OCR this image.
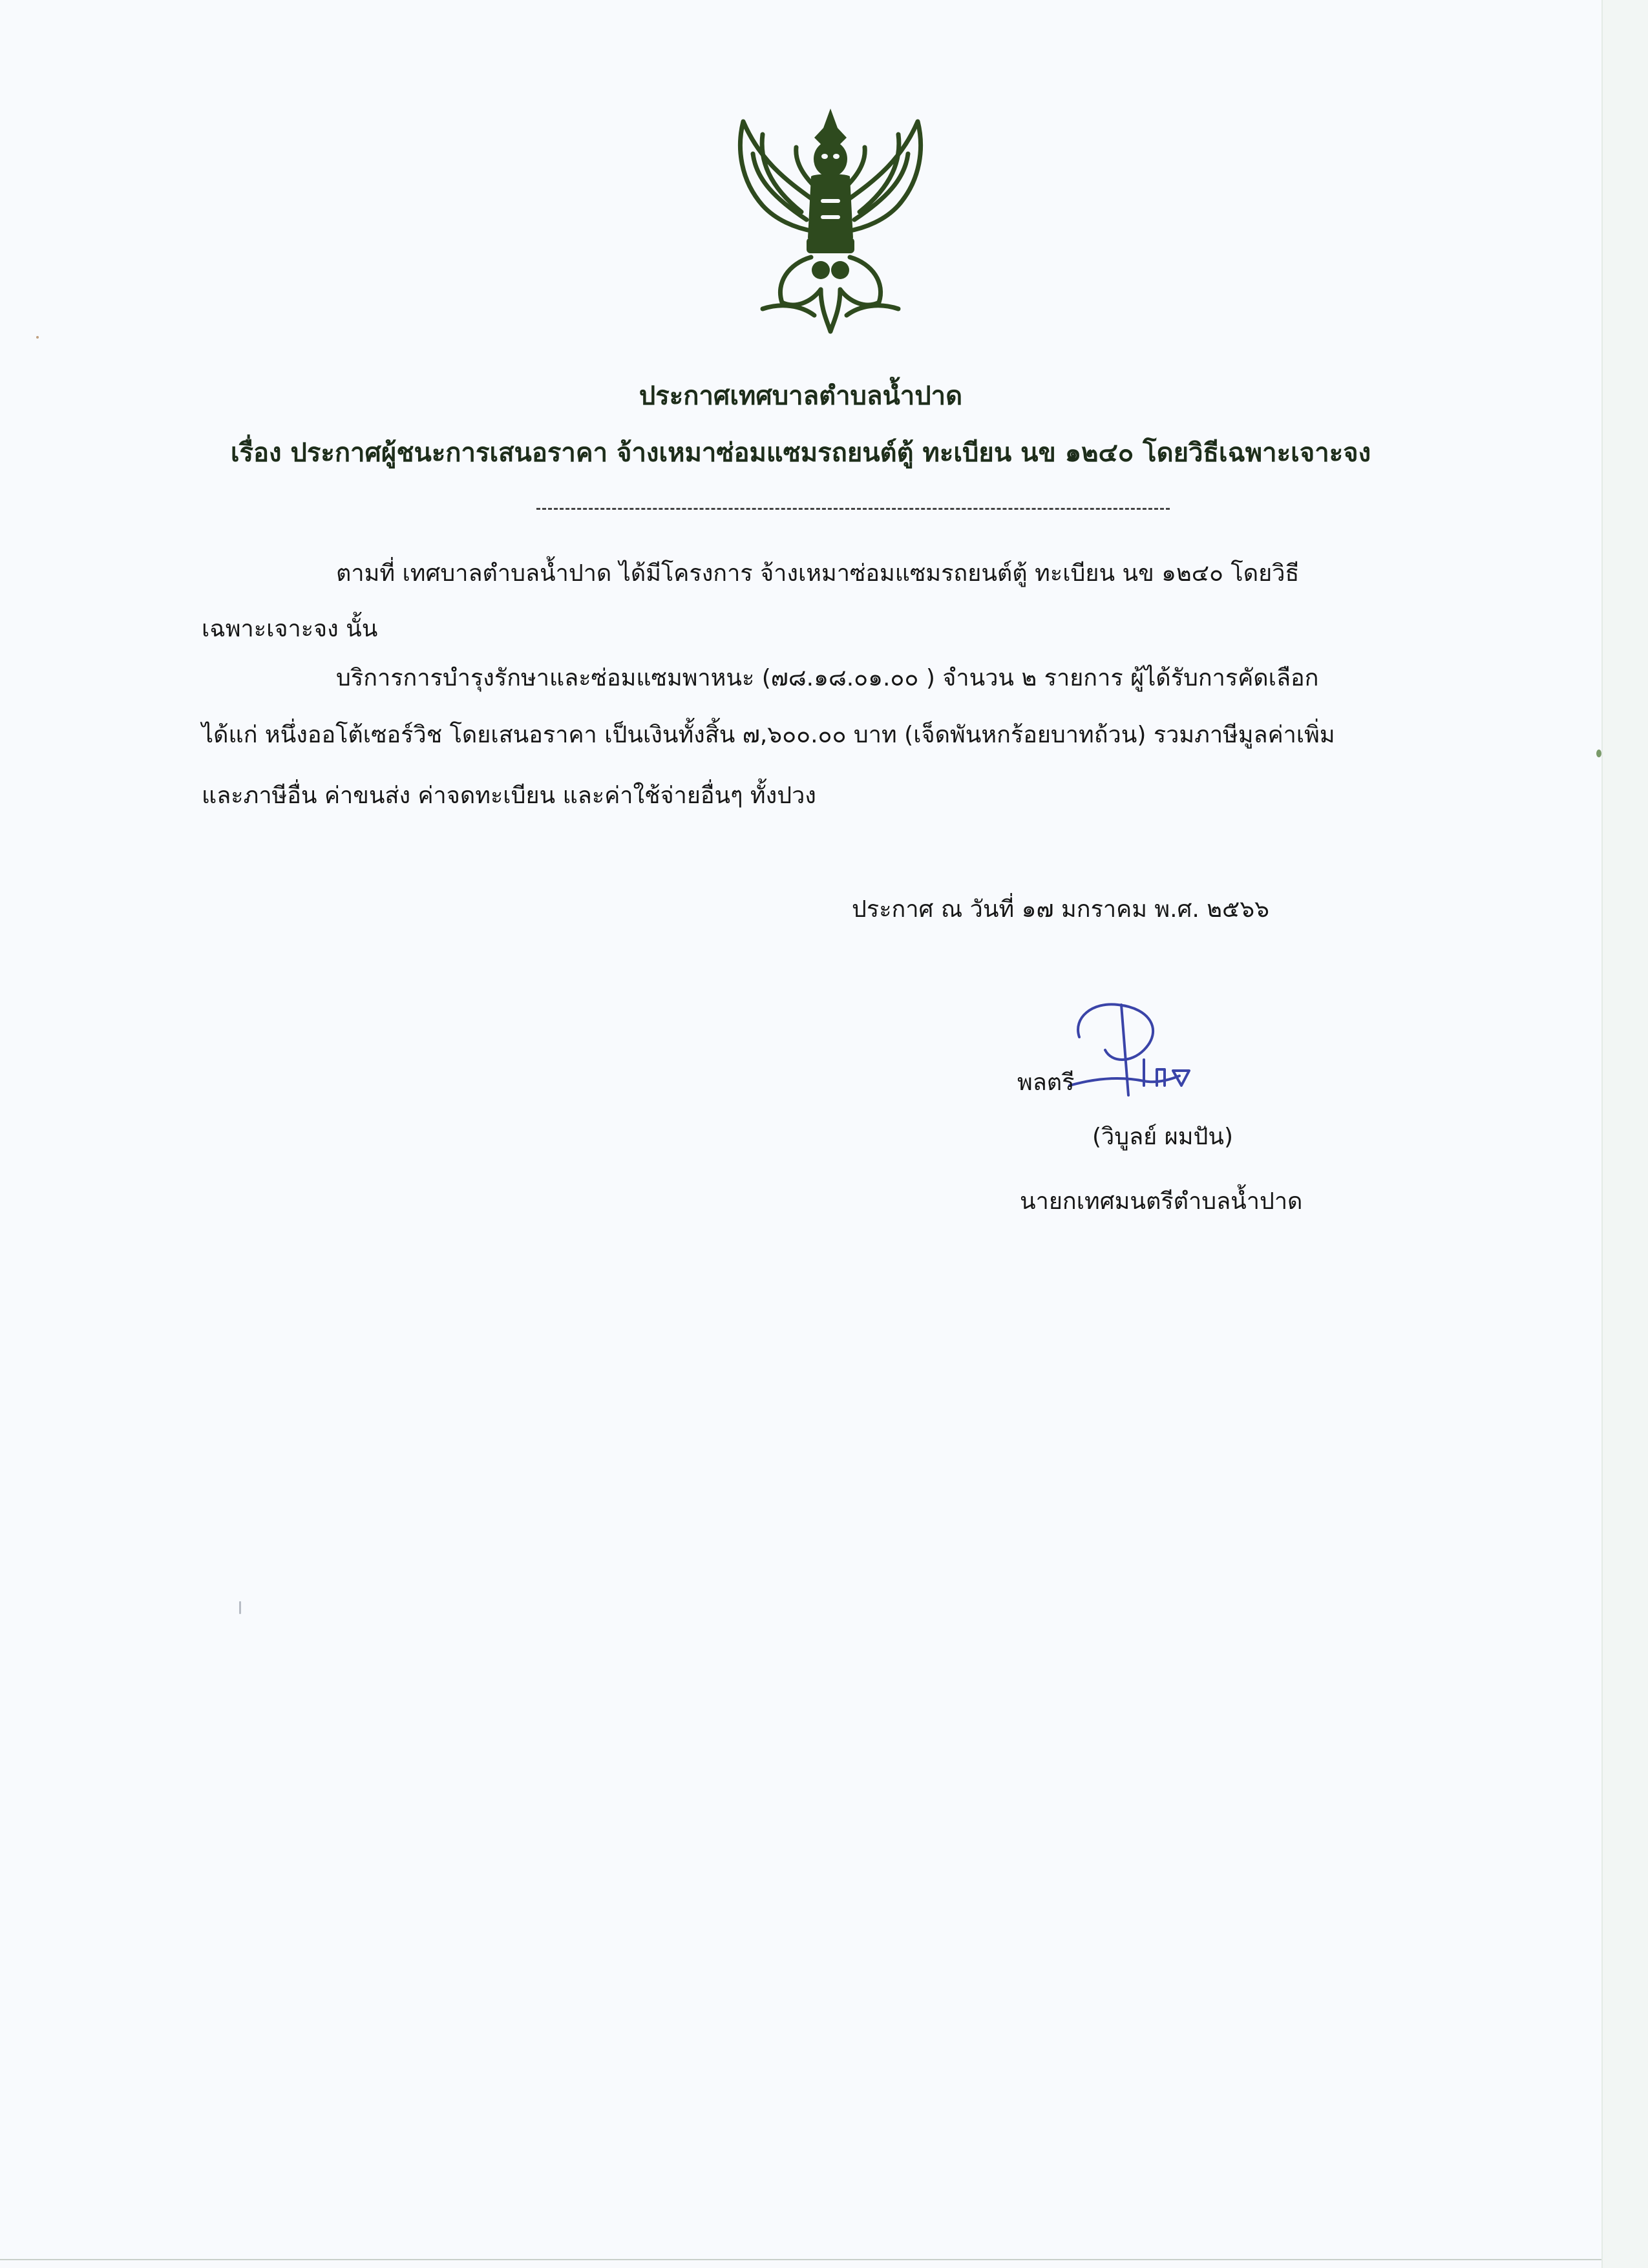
ประกาศเทศบาลตำบลน้ำปาด

เรื่อง ประกาศผู้ชนะการเสนอราคา จ้างเหมาซ่อมแซมรถยนต์ตู้ ทะเบียน นข ๑๒๔๐ โดยวิธีเฉพาะเจาะจง

ตามที่ เทศบาลตำบลน้ำปาด ได้มีโครงการ จ้างเหมาซ่อมแซมรถยนต์ตู้ ทะเบียน นข ๑๒๔๐ โดยวิธี

เฉพาะเจาะจง นั้น

บริการการบำรุงรักษาและซ่อมแซมพาหนะ (๗๘.๑๘.๐๑.๐๐ ) จำนวน ๒ รายการ ผู้ได้รับการคัดเลือก

ได้แก่ หนึ่งออโต้เซอร์วิช โดยเสนอราคา เป็นเงินทั้งสิ้น ๗,๖๐๐.๐๐ บาท (เจ็ดพันหกร้อยบาทถ้วน) รวมภาษีมูลค่าเพิ่ม

และภาษีอื่น ค่าขนส่ง ค่าจดทะเบียน และค่าใช้จ่ายอื่นๆ ทั้งปวง

ประกาศ ณ วันที่ ๑๗ มกราคม พ.ศ. ๒๕๖๖

พลตรี

(วิบูลย์ ผมปัน)

นายกเทศมนตรีตำบลน้ำปาด
